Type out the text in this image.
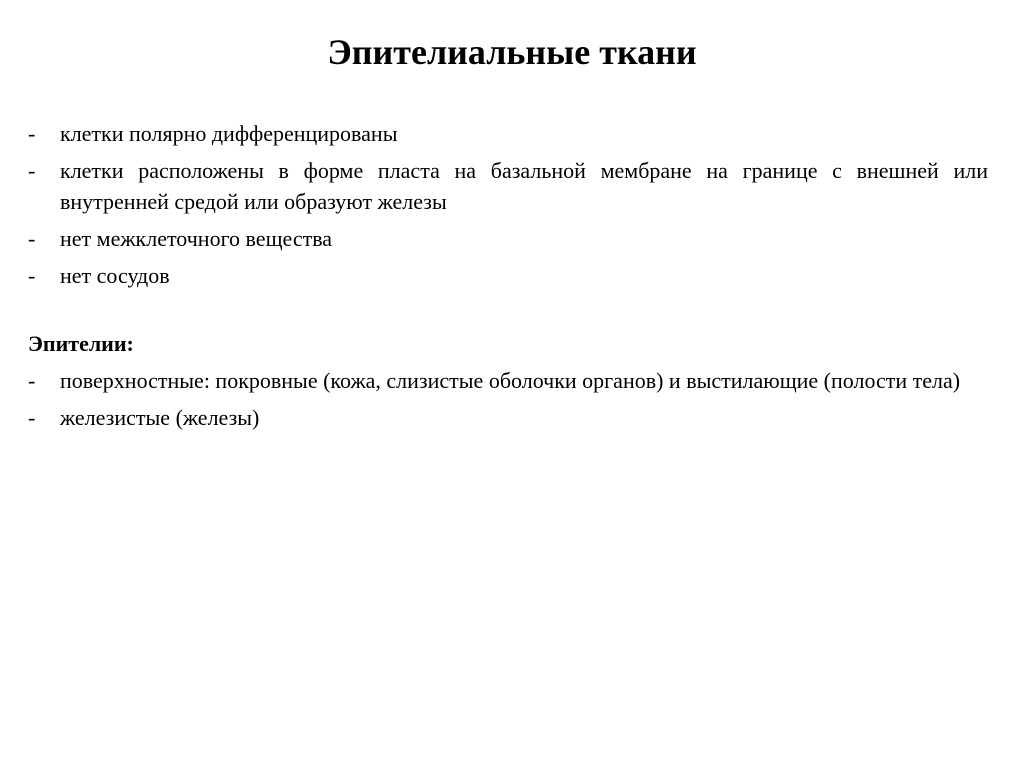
Эпителиальные ткани
- клетки полярно дифференцированы
- клетки расположены в форме пласта на базальной мембране на границе с внешней или внутренней средой или образуют железы
- нет межклеточного вещества
- нет сосудов
Эпителии:
- поверхностные: покровные (кожа, слизистые оболочки органов) и выстилающие (полости тела)
- железистые (железы)
